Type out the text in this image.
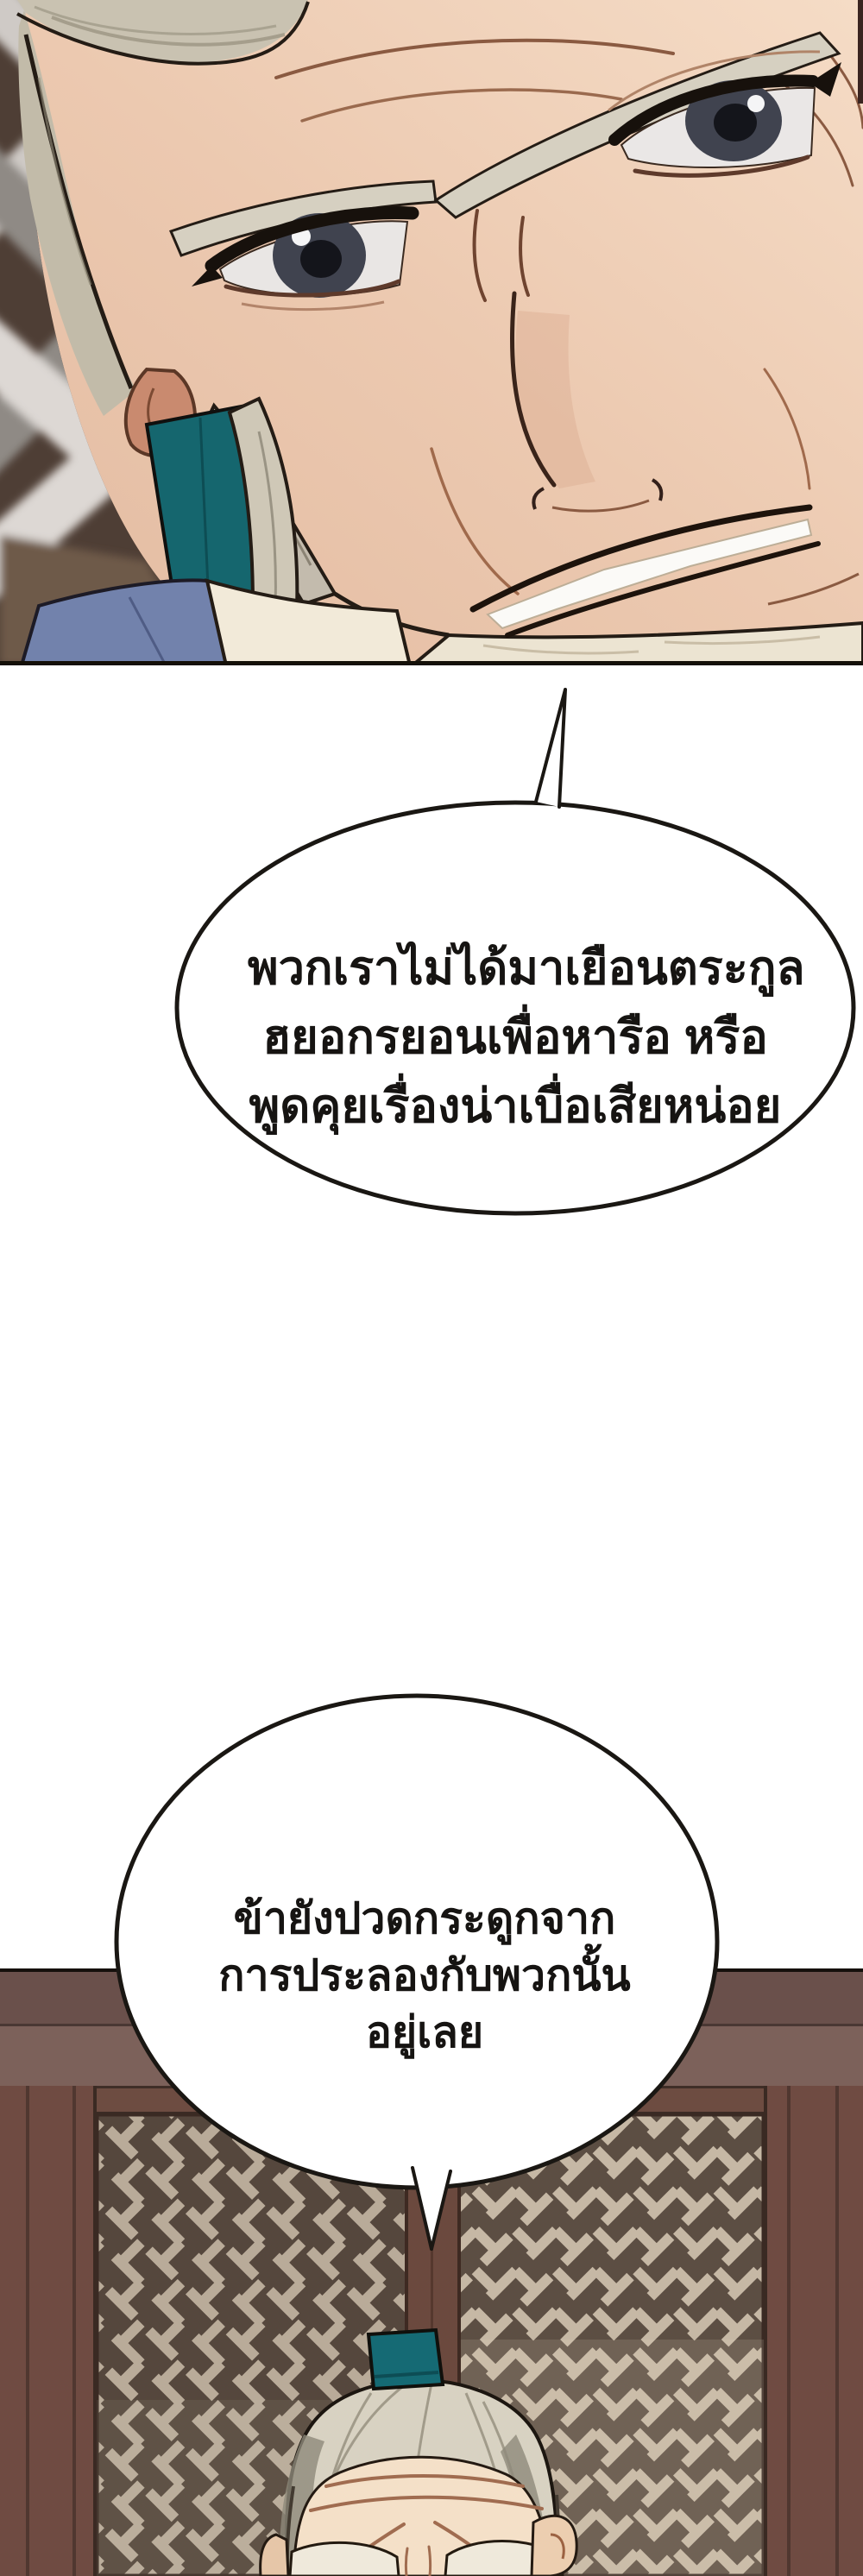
พวกเราไม่ได้มาเยือนตระกูล
ฮยอกรยอนเพื่อหารือ หรือ
พูดคุยเรื่องน่าเบื่อเสียหน่อย
ข้ายังปวดกระดูกจาก
การประลองกับพวกนั้น
อยู่เลย
